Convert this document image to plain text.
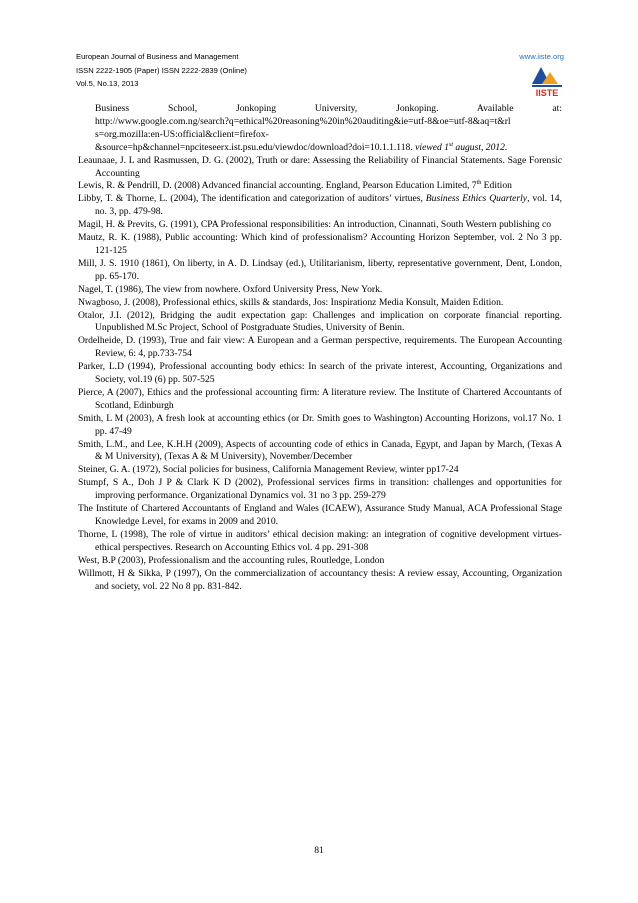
European Journal of Business and Management
ISSN 2222-1905 (Paper) ISSN 2222-2839 (Online)
Vol.5, No.13, 2013
www.iiste.org
IISTE
Business School, Jonkoping University, Jonkoping. Available at:
http://www.google.com.ng/search?q=ethical%20reasoning%20in%20auditing&ie=utf-8&oe=utf-8&aq=t&rl
s=org.mozilla:en-US:official&client=firefox-
&source=hp&channel=npciteseerx.ist.psu.edu/viewdoc/download?doi=10.1.1.118. viewed 1st august, 2012.

Leaunaae, J. L and Rasmussen, D. G. (2002), Truth or dare: Assessing the Reliability of Financial Statements. Sage Forensic Accounting

Lewis, R. & Pendrill, D. (2008) Advanced financial accounting. England, Pearson Education Limited, 7th Edition

Libby, T. & Thorne, L. (2004), The identification and categorization of auditors’ virtues, Business Ethics Quarterly, vol. 14, no. 3, pp. 479-98.

Magil, H. & Previts, G. (1991), CPA Professional responsibilities: An introduction, Cinannati, South Western publishing co

Mautz, R. K. (1988), Public accounting: Which kind of professionalism? Accounting Horizon September, vol. 2 No 3 pp. 121-125

Mill, J. S. 1910 (1861), On liberty, in A. D. Lindsay (ed.), Utilitarianism, liberty, representative government, Dent, London, pp. 65-170.

Nagel, T. (1986), The view from nowhere. Oxford University Press, New York.

Nwagboso, J. (2008), Professional ethics, skills & standards, Jos: Inspirationz Media Konsult, Maiden Edition.

Otalor, J.I. (2012), Bridging the audit expectation gap: Challenges and implication on corporate financial reporting. Unpublished M.Sc Project, School of Postgraduate Studies, University of Benin.

Ordelheide, D. (1993), True and fair view: A European and a German perspective, requirements. The European Accounting Review, 6: 4, pp.733-754

Parker, L.D (1994), Professional accounting body ethics: In search of the private interest, Accounting, Organizations and Society, vol.19 (6) pp. 507-525

Pierce, A (2007), Ethics and the professional accounting firm: A literature review. The Institute of Chartered Accountants of Scotland, Edinburgh

Smith, L M (2003), A fresh look at accounting ethics (or Dr. Smith goes to Washington) Accounting Horizons, vol.17 No. 1 pp. 47-49

Smith, L.M., and Lee, K.H.H (2009), Aspects of accounting code of ethics in Canada, Egypt, and Japan by March, (Texas A & M University), (Texas A & M University), November/December

Steiner, G. A. (1972), Social policies for business, California Management Review, winter pp17-24

Stumpf, S A., Doh J P & Clark K D (2002), Professional services firms in transition: challenges and opportunities for improving performance. Organizational Dynamics vol. 31 no 3 pp. 259-279

The Institute of Chartered Accountants of England and Wales (ICAEW), Assurance Study Manual, ACA Professional Stage Knowledge Level, for exams in 2009 and 2010.

Thorne, L (1998), The role of virtue in auditors’ ethical decision making: an integration of cognitive development virtues-ethical perspectives. Research on Accounting Ethics vol. 4 pp. 291-308

West, B.P (2003), Professionalism and the accounting rules, Routledge, London

Willmott, H & Sikka, P (1997), On the commercialization of accountancy thesis: A review essay, Accounting, Organization and society, vol. 22 No 8 pp. 831-842.

81
